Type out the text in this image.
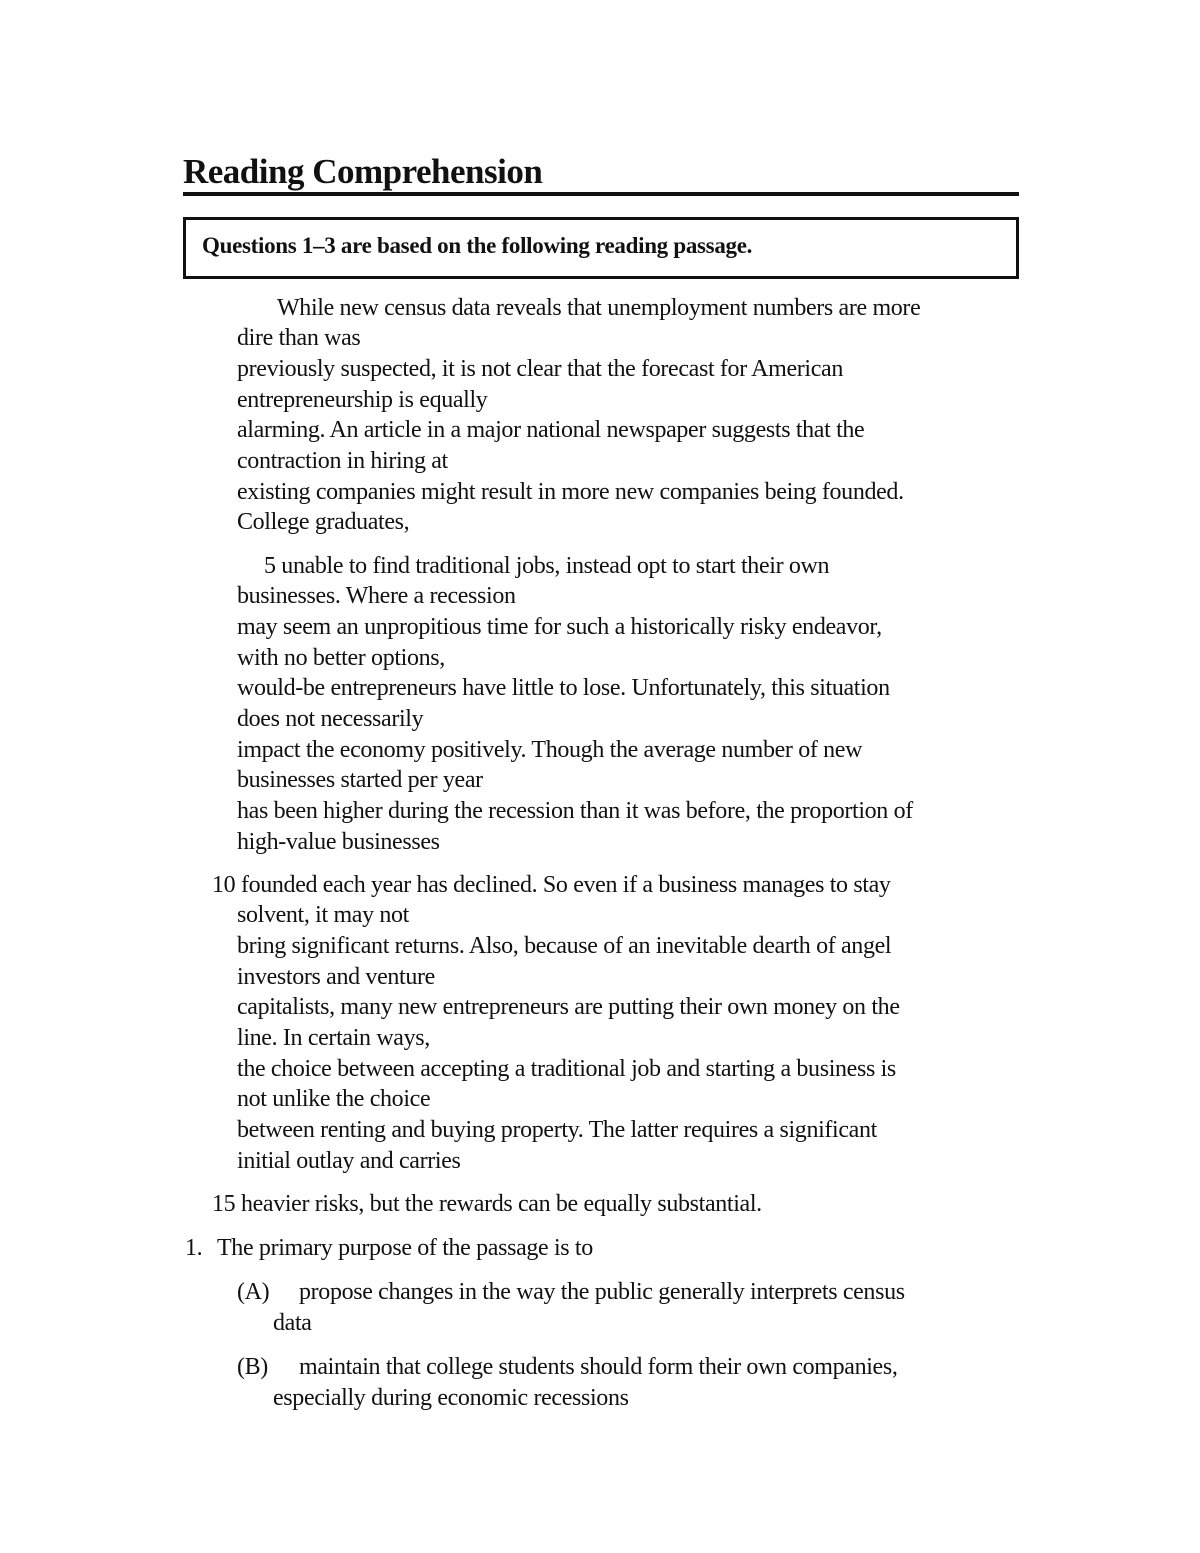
Reading Comprehension
Questions 1–3 are based on the following reading passage.
While new census data reveals that unemployment numbers are more
dire than was
previously suspected, it is not clear that the forecast for American
entrepreneurship is equally
alarming. An article in a major national newspaper suggests that the
contraction in hiring at
existing companies might result in more new companies being founded.
College graduates,
5 unable to find traditional jobs, instead opt to start their own
businesses. Where a recession
may seem an unpropitious time for such a historically risky endeavor,
with no better options,
would-be entrepreneurs have little to lose. Unfortunately, this situation
does not necessarily
impact the economy positively. Though the average number of new
businesses started per year
has been higher during the recession than it was before, the proportion of
high-value businesses
10 founded each year has declined. So even if a business manages to stay
solvent, it may not
bring significant returns. Also, because of an inevitable dearth of angel
investors and venture
capitalists, many new entrepreneurs are putting their own money on the
line. In certain ways,
the choice between accepting a traditional job and starting a business is
not unlike the choice
between renting and buying property. The latter requires a significant
initial outlay and carries
15 heavier risks, but the rewards can be equally substantial.
1. The primary purpose of the passage is to
(A) propose changes in the way the public generally interprets census
data
(B) maintain that college students should form their own companies,
especially during economic recessions
